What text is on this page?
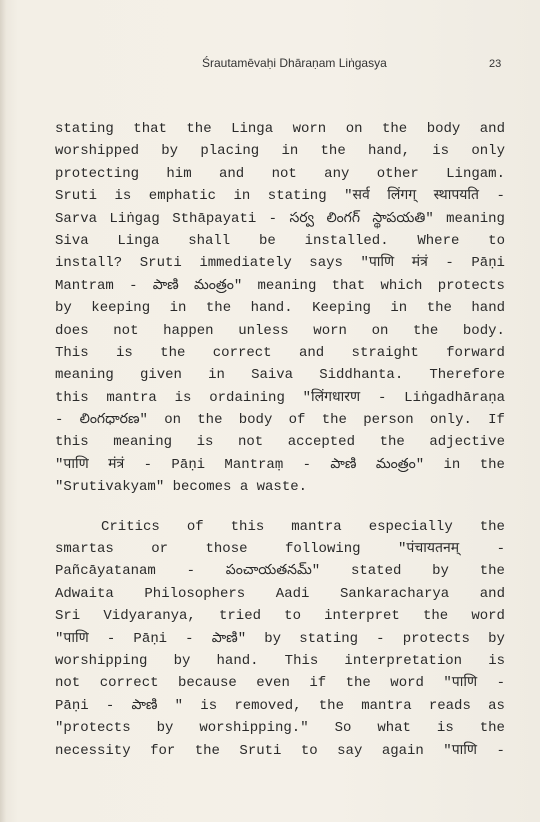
Śrautamēvaḥi Dhāraṇam Liṅgasya	23
stating that the Linga worn on the body and
worshipped by placing in the hand, is only
protecting him and not any other Lingam.
Sruti is emphatic in stating "सर्व लिंगग् स्थापयति -
Sarva Liṅgag Sthāpayati - సర్వ లింగగ్ స్థాపయతి" meaning
Siva Linga shall be installed. Where to
install? Sruti immediately says "पाणि मंत्रं - Pāṇi
Mantram - పాణి మంత్రం" meaning that which protects
by keeping in the hand. Keeping in the hand
does not happen unless worn on the body.
This is the correct and straight forward
meaning given in Saiva Siddhanta. Therefore
this mantra is ordaining "लिंगधारण - Liṅgadhāraṇa
- లింగధారణ" on the body of the person only. If
this meaning is not accepted the adjective
"पाणि मंत्रं - Pāṇi Mantraṃ - పాణి మంత్రం" in the
"Srutivakyam" becomes a waste.
Critics of this mantra especially the
smartas	or	those	following	"पंचायतनम्	-
Pañcāyatanam - పంచాయతనమ్" stated by the
Adwaita Philosophers Aadi Sankaracharya and
Sri Vidyaranya, tried to interpret the word
"पाणि - Pāṇi - పాణి" by stating - protects by
worshipping by hand. This interpretation is
not correct because even if the word "पाणि -
Pāṇi - పాణి " is removed, the mantra reads as
"protects by worshipping." So what is the
necessity for the Sruti to say again "पाणि -
